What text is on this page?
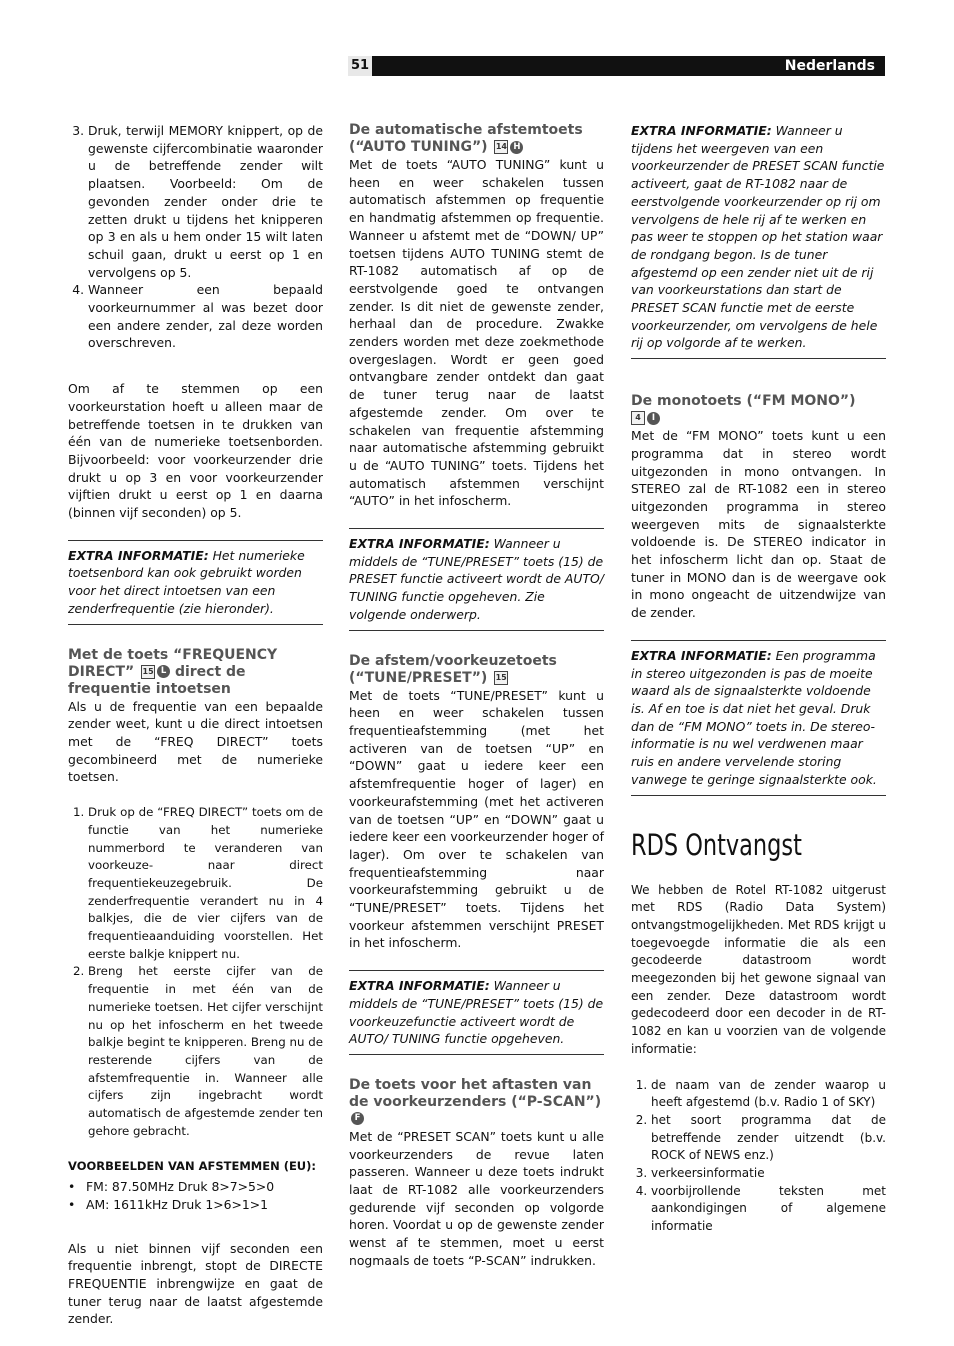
51	Nederlands
3. Druk, terwijl MEMORY knippert, op de gewenste cijfercombinatie waaronder u de betreffende zender wilt plaatsen. Voorbeeld: Om de gevonden zender onder drie te zetten drukt u tijdens het knipperen op 3 en als u hem onder 15 wilt laten schuil gaan, drukt u eerst op 1 en vervolgens op 5.
4. Wanneer een bepaald voorkeurnummer al was bezet door een andere zender, zal deze worden overschreven.

Om af te stemmen op een voorkeurstation hoeft u alleen maar de betreffende toetsen in te drukken van één van de numerieke toetsenborden. Bijvoorbeeld: voor voorkeurzender drie drukt u op 3 en voor voorkeurzender vijftien drukt u eerst op 1 en daarna (binnen vijf seconden) op 5.

EXTRA INFORMATIE: Het numerieke toetsenbord kan ook gebruikt worden voor het direct intoetsen van een zenderfrequentie (zie hieronder).
Met de toets “FREQUENCY DIRECT” 15 L direct de frequentie intoetsen

Als u de frequentie van een bepaalde zender weet, kunt u die direct intoetsen met de “FREQ DIRECT” toets gecombineerd met de numerieke toetsen.

1. Druk op de “FREQ DIRECT” toets om de functie van het numerieke nummerbord te veranderen van voorkeuze- naar direct frequentiekeuzegebruik. De zenderfrequentie verandert nu in 4 balkjes, die de vier cijfers van de frequentieaanduiding voorstellen. Het eerste balkje knippert nu.
2. Breng het eerste cijfer van de frequentie in met één van de numerieke toetsen. Het cijfer verschijnt nu op het infoscherm en het tweede balkje begint te knipperen. Breng nu de resterende cijfers van de afstemfrequentie in. Wanneer alle cijfers zijn ingebracht wordt automatisch de afgestemde zender ten gehore gebracht.
VOORBEELDEN VAN AFSTEMMEN (EU):
• FM: 87.50MHz Druk 8>7>5>0
• AM: 1611kHz Druk 1>6>1>1

Als u niet binnen vijf seconden een frequentie inbrengt, stopt de DIRECTE FREQUENTIE inbrengwijze en gaat de tuner terug naar de laatst afgestemde zender.

De automatische afstemtoets (“AUTO TUNING”) 14 H

Met de toets “AUTO TUNING” kunt u heen en weer schakelen tussen automatisch afstemmen op frequentie en handmatig afstemmen op frequentie. Wanneer u afstemt met de “DOWN/ UP” toetsen tijdens AUTO TUNING stemt de RT-1082 automatisch af op de eerstvolgende goed te ontvangen zender. Is dit niet de gewenste zender, herhaal dan de procedure. Zwakke zenders worden met deze zoekmethode overgeslagen. Wordt er geen goed ontvangbare zender ontdekt dan gaat de tuner terug naar de laatst afgestemde zender. Om over te schakelen van frequentie afstemming naar automatische afstemming gebruikt u de “AUTO TUNING” toets. Tijdens het automatisch afstemmen verschijnt “AUTO” in het infoscherm.

EXTRA INFORMATIE: Wanneer u middels de “TUNE/PRESET” toets (15) de PRESET functie activeert wordt de AUTO/ TUNING functie opgeheven. Zie volgende onderwerp.
De afstem/voorkeuzetoets (“TUNE/PRESET”) 15

Met de toets “TUNE/PRESET” kunt u heen en weer schakelen tussen frequentieafstemming (met het activeren van de toetsen “UP” en “DOWN” gaat u iedere keer een afstemfrequentie hoger of lager) en voorkeurafstemming (met het activeren van de toetsen “UP” en “DOWN” gaat u iedere keer een voorkeurzender hoger of lager). Om over te schakelen van frequentieafstemming naar voorkeurafstemming gebruikt u de “TUNE/PRESET” toets. Tijdens het voorkeur afstemmen verschijnt PRESET in het infoscherm.

EXTRA INFORMATIE: Wanneer u middels de “TUNE/PRESET” toets (15) de voorkeuzefunctie activeert wordt de AUTO/ TUNING functie opgeheven.
De toets voor het aftasten van de voorkeurzenders (“P-SCAN”) F

Met de “PRESET SCAN” toets kunt u alle voorkeurzenders de revue laten passeren. Wanneer u deze toets indrukt laat de RT-1082 alle voorkeurzenders gedurende vijf seconden op volgorde horen. Voordat u op de gewenste zender wenst af te stemmen, moet u eerst nogmaals de toets “P-SCAN” indrukken.

EXTRA INFORMATIE: Wanneer u tijdens het weergeven van een voorkeurzender de PRESET SCAN functie activeert, gaat de RT-1082 naar de eerstvolgende voorkeurzender op rij om vervolgens de hele rij af te werken en pas weer te stoppen op het station waar de rondgang begon. Is de tuner afgestemd op een zender niet uit de rij van voorkeurstations dan start de PRESET SCAN functie met de eerste voorkeurzender, om vervolgens de hele rij op volgorde af te werken.
De monotoets (“FM MONO”)
4 I

Met de “FM MONO” toets kunt u een programma dat in stereo wordt uitgezonden in mono ontvangen. In STEREO zal de RT-1082 een in stereo uitgezonden programma in stereo weergeven mits de signaalsterkte voldoende is. De STEREO indicator in het infoscherm licht dan op. Staat de tuner in MONO dan is de weergave ook in mono ongeacht de uitzendwijze van de zender.

EXTRA INFORMATIE: Een programma in stereo uitgezonden is pas de moeite waard als de signaalsterkte voldoende is. Af en toe is dat niet het geval. Druk dan de “FM MONO” toets in. De stereo-informatie is nu wel verdwenen maar ruis en andere vervelende storing vanwege te geringe signaalsterkte ook.
RDS Ontvangst

We hebben de Rotel RT-1082 uitgerust met RDS (Radio Data System) ontvangstmogelijkheden. Met RDS krijgt u toegevoegde informatie die als een gecodeerde datastroom wordt meegezonden bij het gewone signaal van een zender. Deze datastroom wordt gedecodeerd door een decoder in de RT-1082 en kan u voorzien van de volgende informatie:

1. de naam van de zender waarop u heeft afgestemd (b.v. Radio 1 of SKY)
2. het soort programma dat de betreffende zender uitzendt (b.v. ROCK of NEWS enz.)
3. verkeersinformatie
4. voorbijrollende teksten met aankondigingen of algemene informatie
